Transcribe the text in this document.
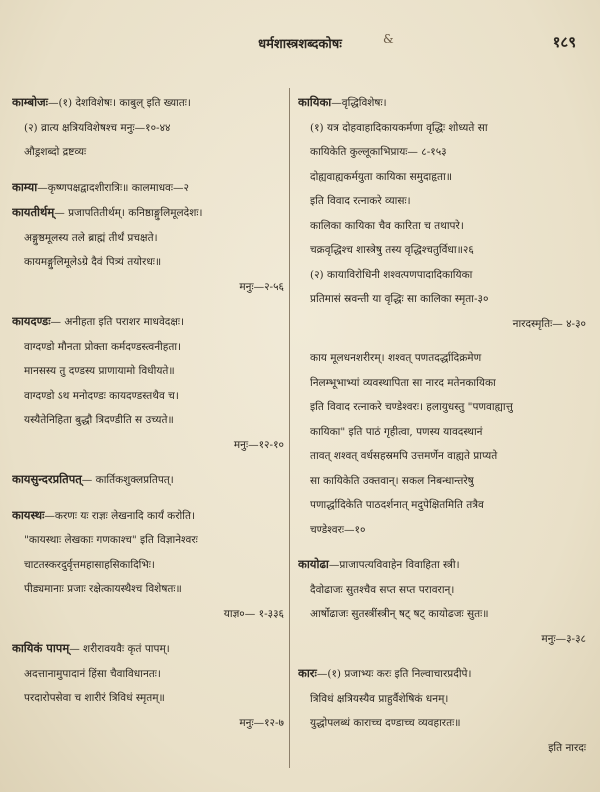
धर्मशास्त्रशब्दकोषः	&	१८९
काम्बोजः—(१) देशविशेषः। काबुल् इति ख्यातः।
(२) व्रात्य क्षत्रियविशेषश्च मनुः—१०-४४
औड्रशब्दो द्रष्टव्यः
काम्या—कृष्णपक्षद्वादशीरात्रिः॥ कालमाधवः—२
कायतीर्थम्— प्रजापतितीर्थम्। कनिष्ठाङ्गुलिमूलदेशः।
अङ्गुष्ठमूलस्य तले ब्राह्मं तीर्थं प्रचक्षते।
कायमङ्गुलिमूलेऽग्रे दैवं पित्र्यं तयोरधः॥
मनुः—२-५६
कायदण्डः— अनीहता इति पराशर माधवेदक्षः।
वाग्दण्डो मौनता प्रोक्ता कर्मदण्डस्त्वनीहता।
मानसस्य तु दण्डस्य प्राणायामो विधीयते॥
वाग्दण्डो ऽथ मनोदण्डः कायदण्डस्तथैव च।
यस्यैतेनिहिता बुद्धौ त्रिदण्डीति स उच्यते॥
मनुः—१२-१०
कायसुन्दरप्रतिपत्— कार्तिकशुक्लप्रतिपत्।
कायस्थः—करणः यः राज्ञः लेखनादि कार्यं करोति।
"कायस्थाः लेखकाः गणकाश्च" इति विज्ञानेश्वरः
चाटतस्करदुर्वृत्तमहासाहसिकादिभिः।
पीड्यमानाः प्रजाः रक्षेत्कायस्थैश्च विशेषतः॥
याज्ञ०— १-३३६
कायिकं पापम्— शरीरावयवैः कृतं पापम्।
अदत्तानामुपादानं हिंसा चैवाविधानतः।
परदारोपसेवा च शारीरं त्रिविधं स्मृतम्॥
मनुः—१२-७
कायिका—वृद्धिविशेषः।
(१) यत्र दोहवाहादिकायकर्मणा वृद्धिः शोध्यते सा
कायिकेति कुल्लूकाभिप्रायः— ८-१५३
दोह्यवाह्यकर्मयुता कायिका समुदाहृता॥
इति विवाद रत्नाकरे व्यासः।
कालिका कायिका चैव कारिता च तथापरे।
चक्रवृद्धिश्च शास्त्रेषु तस्य वृद्धिश्चतुर्विधा॥२६
(२) कायाविरोधिनी शश्वत्पणपादादिकायिका
प्रतिमासं स्रवन्ती या वृद्धिः सा कालिका स्मृता-३०
नारदस्मृतिः— ४-३०
काय मूलधनशरीरम्। शश्वत् पणतदर्द्धादिक्रमेण
निलम्भूभाभ्यां व्यवस्थापिता सा नारद मतेनकायिका
इति विवाद रत्नाकरे चण्डेश्वरः। हलायुधस्तु "पणवाह्यात्तु
कायिका" इति पाठं गृहीत्वा, पणस्य यावदस्थानं
तावत् शश्वत् वर्धसहस्रमपि उत्तमर्णेन वाह्यते प्राप्यते
सा कायिकेति उक्तवान्। सकल निबन्धान्तरेषु
पणार्द्धादिकेति पाठदर्शनात् मदुपेक्षितमिति तत्रैव
चण्डेश्वरः—१०
कायोढा—प्राजापत्यविवाहेन विवाहिता स्त्री।
दैवोढाजः सुतश्चैव सप्त सप्त परावरान्।
आर्षोढाजः सुतस्त्रींस्त्रीन् षट् षट् कायोढजः सुतः॥
मनुः—३-३८
कारः—(१) प्रजाभ्यः करः इति निल्वाचारप्रदीपे।
त्रिविधं क्षत्रियस्यैव प्राहुर्वैशेषिकं धनम्।
युद्धोपलब्धं काराच्च दण्डाच्च व्यवहारतः॥
इति नारदः
